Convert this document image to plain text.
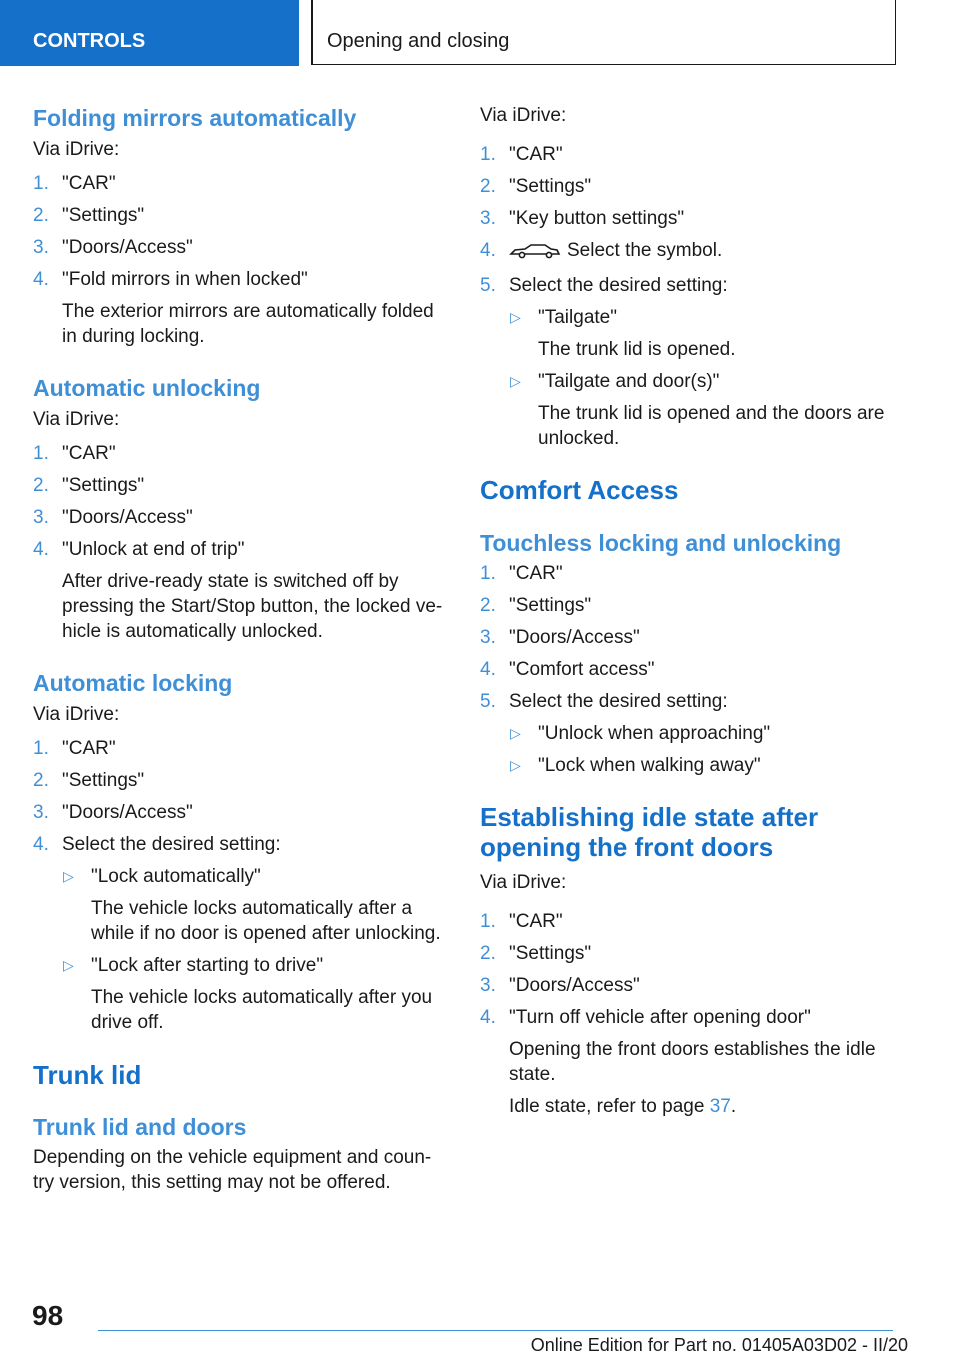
CONTROLS	Opening and closing

Folding mirrors automatically

Via iDrive:

1. "CAR"

2. "Settings"

3. "Doors/Access"

4. "Fold mirrors in when locked"

The exterior mirrors are automatically folded
in during locking.

Automatic unlocking

Via iDrive:

1. "CAR"

2. "Settings"

3. "Doors/Access"

4. "Unlock at end of trip"

After drive-ready state is switched off by
pressing the Start/Stop button, the locked ve-
hicle is automatically unlocked.

Automatic locking

Via iDrive:

1. "CAR"

2. "Settings"

3. "Doors/Access"

4. Select the desired setting:

▷ "Lock automatically"

The vehicle locks automatically after a
while if no door is opened after unlocking.

▷ "Lock after starting to drive"

The vehicle locks automatically after you
drive off.

Trunk lid

Trunk lid and doors

Depending on the vehicle equipment and coun-
try version, this setting may not be offered.

Via iDrive:

1. "CAR"

2. "Settings"

3. "Key button settings"

4.	Select the symbol.

5. Select the desired setting:

▷ "Tailgate"

The trunk lid is opened.

▷ "Tailgate and door(s)"

The trunk lid is opened and the doors are
unlocked.

Comfort Access

Touchless locking and unlocking

1. "CAR"

2. "Settings"

3. "Doors/Access"

4. "Comfort access"

5. Select the desired setting:

▷ "Unlock when approaching"

▷ "Lock when walking away"

Establishing idle state after
opening the front doors

Via iDrive:

1. "CAR"

2. "Settings"

3. "Doors/Access"

4. "Turn off vehicle after opening door"

Opening the front doors establishes the idle
state.

Idle state, refer to page 37.

98
Online Edition for Part no. 01405A03D02 - II/20
